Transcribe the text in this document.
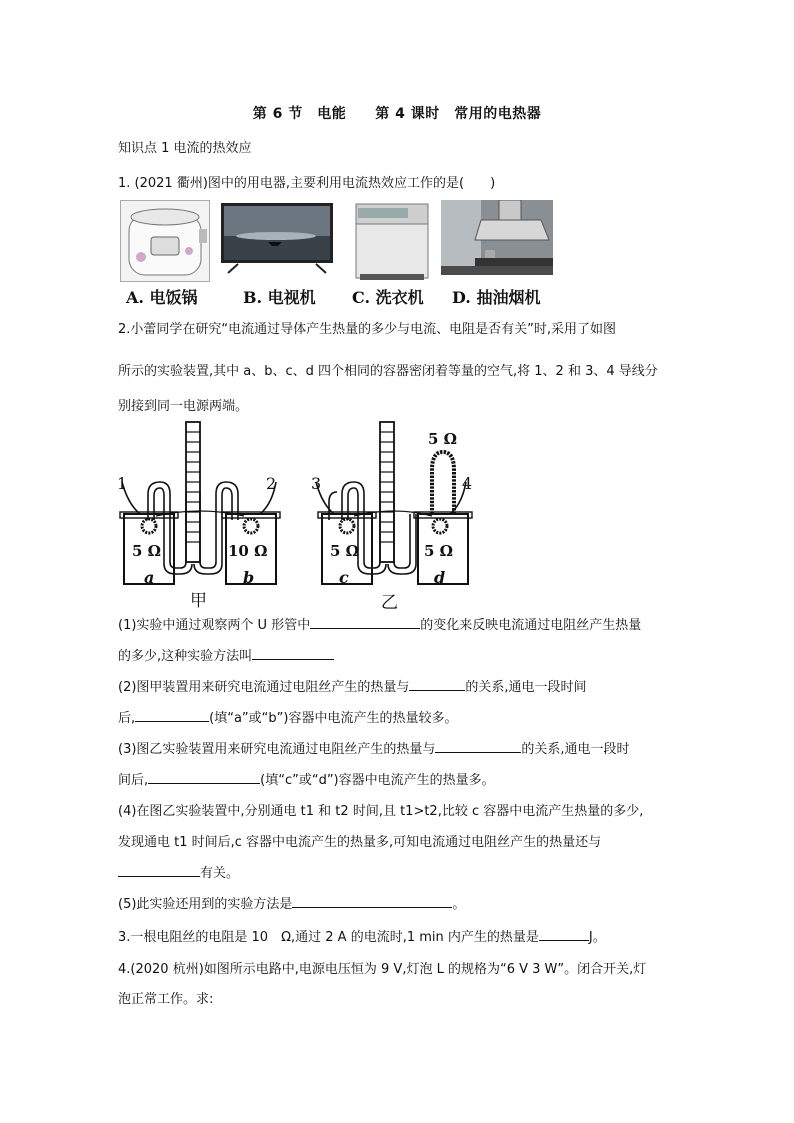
第 6 节　电能　　第 4 课时　常用的电热器
知识点 1 电流的热效应
1. (2021 衢州)图中的用电器,主要利用电流热效应工作的是(　　)
A. 电饭锅	B. 电视机 C. 洗衣机 D. 抽油烟机
2.小蕾同学在研究“电流通过导体产生热量的多少与电流、电阻是否有关”时,采用了如图
所示的实验装置,其中 a、b、c、d 四个相同的容器密闭着等量的空气,将 1、2 和 3、4 导线分
别接到同一电源两端。
1	2 3	4
5 Ω	10 Ω	5 Ω	5 Ω
5 Ω
a	b	c	d
甲	乙
(1)实验中通过观察两个 U 形管中	的变化来反映电流通过电阻丝产生热量
的多少,这种实验方法叫
(2)图甲装置用来研究电流通过电阻丝产生的热量与	的关系,通电一段时间
后,	(填“a”或“b”)容器中电流产生的热量较多。
(3)图乙实验装置用来研究电流通过电阻丝产生的热量与	的关系,通电一段时
间后,	(填“c”或“d”)容器中电流产生的热量多。
(4)在图乙实验装置中,分别通电 t1 和 t2 时间,且 t1>t2,比较 c 容器中电流产生热量的多少,
发现通电 t1 时间后,c 容器中电流产生的热量多,可知电流通过电阻丝产生的热量还与
有关。
(5)此实验还用到的实验方法是	。
3.一根电阻丝的电阻是 10　Ω,通过 2 A 的电流时,1 min 内产生的热量是	J。
4.(2020 杭州)如图所示电路中,电源电压恒为 9 V,灯泡 L 的规格为“6 V 3 W”。闭合开关,灯
泡正常工作。求:
